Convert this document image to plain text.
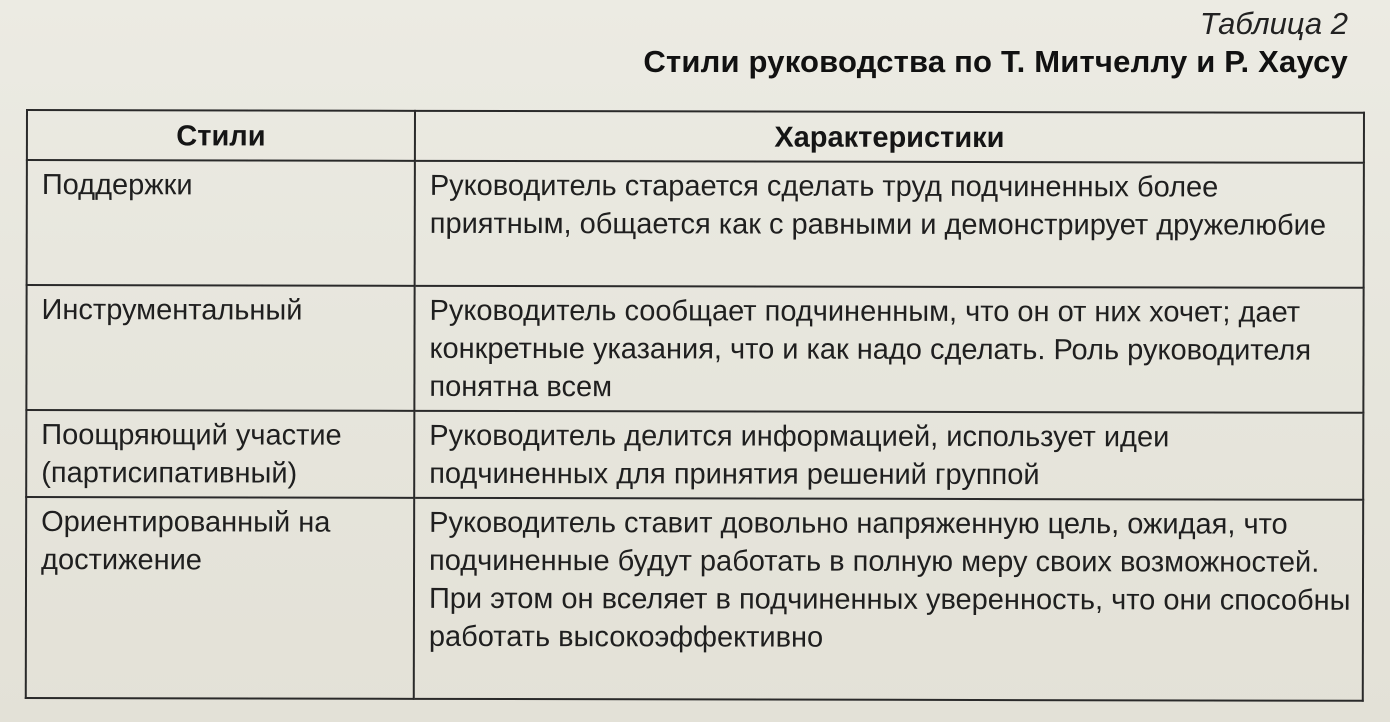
Таблица 2
Стили руководства по Т. Митчеллу и Р. Хаусу
Стили	Характеристики
Поддержки	Руководитель старается сделать труд подчиненных более приятным, общается как с равными и демонстрирует дружелюбие
Инструментальный	Руководитель сообщает подчиненным, что он от них хочет; дает конкретные указания, что и как надо сделать. Роль руководителя понятна всем
Поощряющий участие (партисипативный)	Руководитель делится информацией, использует идеи подчиненных для принятия решений группой
Ориентированный на достижение	Руководитель ставит довольно напряженную цель, ожидая, что подчиненные будут работать в полную меру своих возможностей. При этом он вселяет в подчиненных уверенность, что они способны работать высокоэффективно
